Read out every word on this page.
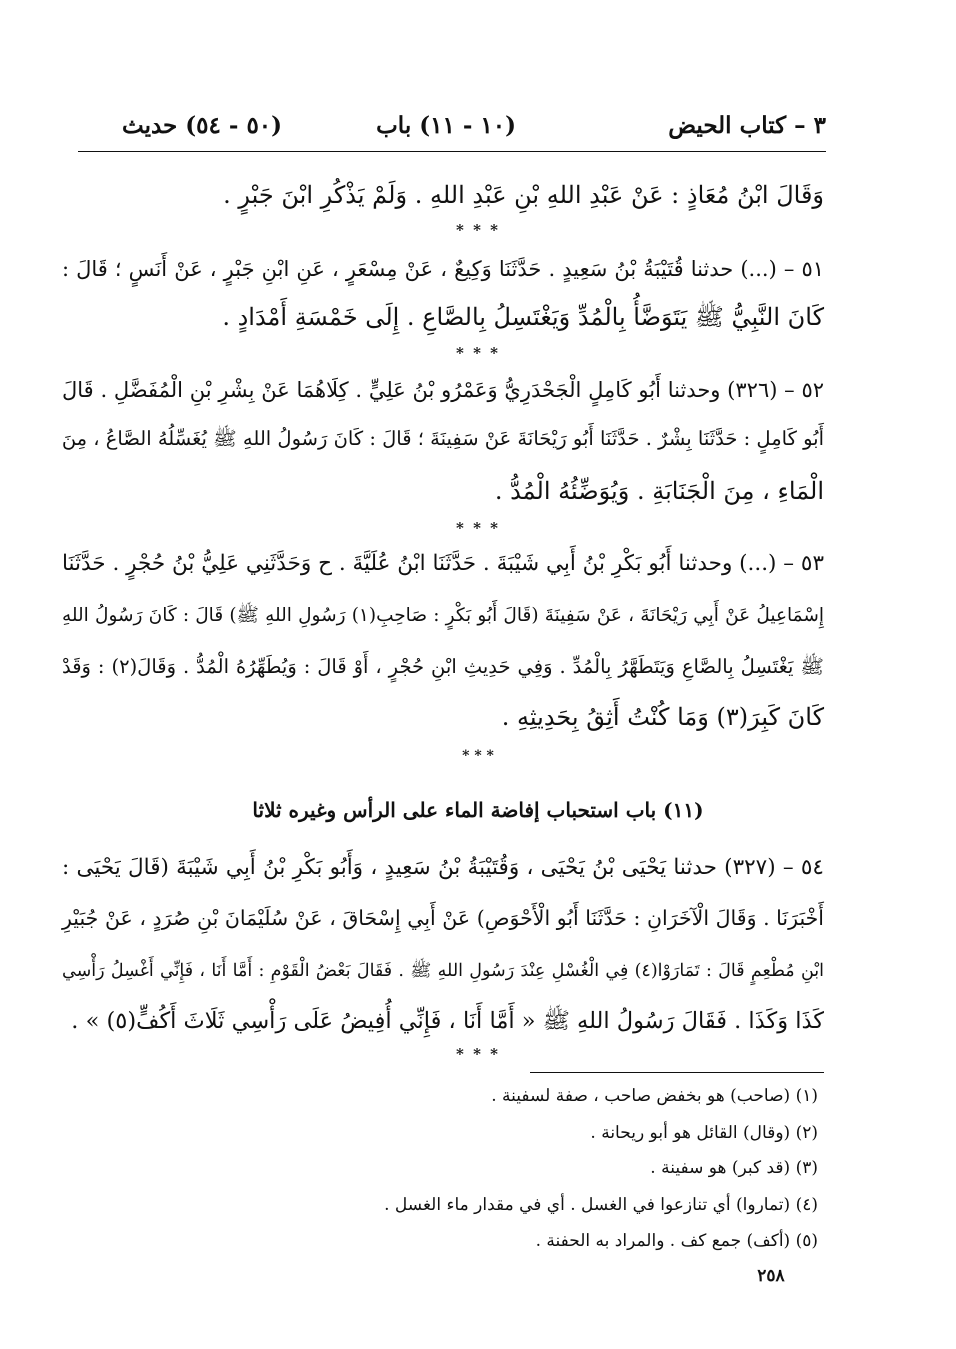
٣ – كتاب الحيض
(١٠ - ١١) باب
(٥٠ - ٥٤) حديث
وَقَالَ ابْنُ مُعَاذٍ : عَنْ عَبْدِ اللهِ بْنِ عَبْدِ اللهِ . وَلَمْ يَذْكُرِ ابْنَ جَبْرٍ .
* * *
٥١ – (...) حدثنا قُتَيْبَةُ بْنُ سَعِيدٍ . حَدَّثَنَا وَكِيعٌ ، عَنْ مِسْعَرٍ ، عَنِ ابْنِ جَبْرٍ ، عَنْ أَنَسٍ ؛ قَالَ :
كَانَ النَّبِيُّ ﷺ يَتَوَضَّأُ بِالْمُدِّ وَيَغْتَسِلُ بِالصَّاعِ . إِلَى خَمْسَةِ أَمْدَادٍ .
* * *
٥٢ – (٣٢٦) وحدثنا أَبُو كَامِلٍ الْجَحْدَرِيُّ وَعَمْرُو بْنُ عَلِيٍّ . كِلَاهُمَا عَنْ بِشْرِ بْنِ الْمُفَضَّلِ . قَالَ
أَبُو كَامِلٍ : حَدَّثَنَا بِشْرٌ . حَدَّثَنَا أَبُو رَيْحَانَةَ عَنْ سَفِينَةَ ؛ قَالَ : كَانَ رَسُولُ اللهِ ﷺ يُغَسِّلُهُ الصَّاعُ ، مِنَ
الْمَاءِ ، مِنَ الْجَنَابَةِ . وَيُوَضِّئُهُ الْمُدُّ .
* * *
٥٣ – (...) وحدثنا أَبُو بَكْرِ بْنُ أَبِي شَيْبَةَ . حَدَّثَنَا ابْنُ عُلَيَّةَ . ح وَحَدَّثَنِي عَلِيُّ بْنُ حُجْرٍ . حَدَّثَنَا
إِسْمَاعِيلُ عَنْ أَبِي رَيْحَانَةَ ، عَنْ سَفِينَةَ (قَالَ أَبُو بَكْرٍ : صَاحِبِ(١) رَسُولِ اللهِ ﷺ) قَالَ : كَانَ رَسُولُ اللهِ
ﷺ يَغْتَسِلُ بِالصَّاعِ وَيَتَطَهَّرُ بِالْمُدِّ . وَفِي حَدِيثِ ابْنِ حُجْرٍ ، أَوْ قَالَ : وَيُطَهِّرُهُ الْمُدُّ . وَقَالَ(٢) : وَقَدْ
كَانَ كَبِرَ(٣) وَمَا كُنْتُ أَثِقُ بِحَدِيثِهِ .
* * *
(١١) باب استحباب إفاضة الماء على الرأس وغيره ثلاثا
٥٤ – (٣٢٧) حدثنا يَحْيَى بْنُ يَحْيَى ، وَقُتَيْبَةُ بْنُ سَعِيدٍ ، وَأَبُو بَكْرِ بْنُ أَبِي شَيْبَةَ (قَالَ يَحْيَى :
أَخْبَرَنَا . وَقَالَ الْآخَرَانِ : حَدَّثَنَا أَبُو الْأَحْوَصِ) عَنْ أَبِي إِسْحَاقَ ، عَنْ سُلَيْمَانَ بْنِ صُرَدٍ ، عَنْ جُبَيْرِ
ابْنِ مُطْعِمٍ قَالَ : تَمَارَوْا(٤) فِي الْغُسْلِ عِنْدَ رَسُولِ اللهِ ﷺ . فَقَالَ بَعْضُ الْقَوْمِ : أَمَّا أَنَا ، فَإِنِّي أَغْسِلُ رَأْسِي
كَذَا وَكَذَا . فَقَالَ رَسُولُ اللهِ ﷺ « أَمَّا أَنَا ، فَإِنِّي أُفِيضُ عَلَى رَأْسِي ثَلَاثَ أَكُفٍّ(٥) » .
* * *
(١) (صاحب) هو بخفض صاحب ، صفة لسفينة .
(٢) (وقال) القائل هو أبو ريحانة .
(٣) (قد كبر) هو سفينة .
(٤) (تماروا) أي تنازعوا في الغسل . أي في مقدار ماء الغسل .
(٥) (أكف) جمع كف . والمراد به الحفنة .
٢٥٨
